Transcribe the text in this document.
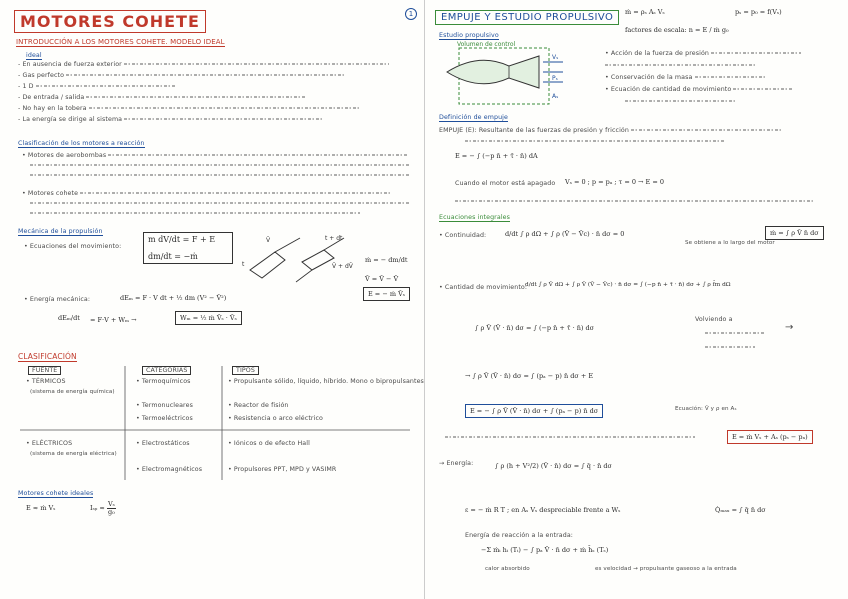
MOTORES COHETE	1
INTRODUCCIÓN A LOS MOTORES COHETE. MODELO IDEAL
ideal
- En ausencia de fuerza exterior
- Gas perfecto
- 1 D
- De entrada / salida
- No hay en la tobera
- La energía se dirige al sistema
Clasificación de los motores a reacción
• Motores de aerobombas
• Motores cohete
Mecánica de la propulsión
• Ecuaciones del movimiento:
m dV/dt = F + E
dm/dt = −ṁ
t
t + dt
V̄ + dV̄
V̄
ṁ = − dm/dt
V̄ = V̄ − V̄
E = − ṁ V̄ₛ
• Energía mecánica:	dEₘ = F · V dt + ½ dm (V² − V̄²)
dEₘ/dt = F·V + Wₘ →	Wₘ = ½ ṁ V̄ₛ · V̄ₛ
CLASIFICACIÓN
FUENTE	CATEGORÍAS	TIPOS
• TÉRMICOS
(sistema de energía química)
• Termoquímicos	• Propulsante sólido, líquido, híbrido. Mono o bipropulsantes
• Termonucleares	• Reactor de fisión
• Termoeléctricos	• Resistencia o arco eléctrico
• ELÉCTRICOS
(sistema de energía eléctrica)
• Electrostáticos	• Iónicos o de efecto Hall
• Electromagnéticos	• Propulsores PPT, MPD y VASIMR
Motores cohete ideales
E ≈ ṁ Vₛ	$I_{sp} \approx \frac{\text{Vₛ}}{\text{g₀}}$
EMPUJE Y ESTUDIO PROPULSIVO	ṁ = ρₛ Aₛ Vₛ	pₛ = p₀ = f(Vₛ)
factores de escala: n = E / ṁ g₀
Estudio propulsivo
Volumen de control
Vₛ
Pₛ
Aₛ
• Acción de la fuerza de presión
• Conservación de la masa
• Ecuación de cantidad de movimiento
Definición de empuje
EMPUJE (E): Resultante de las fuerzas de presión y fricción
E = − ∫ (−p n̄ + τ̄ · n̄) dA
Cuando el motor está apagado Vₛ = 0 ; p = pₐ ; τ = 0 → E = 0
Ecuaciones integrales
• Continuidad:	d/dt ∫ ρ dΩ + ∫ ρ (V̄ − V̄c) · n̄ dσ = 0
Se obtiene a lo largo del motor
ṁ = ∫ ρ V̄ n̄ dσ
• Cantidad de movimiento:
d/dt ∫ ρ V̄ dΩ + ∫ ρ V̄ (V̄ − V̄c) · n̄ dσ = ∫ (−p n̄ + τ̄ · n̄) dσ + ∫ ρ f̄m dΩ
∫ ρ V̄ (V̄ · n̄) dσ = ∫ (−p n̄ + τ̄ · n̄) dσ
Volviendo a
→
→ ∫ ρ V̄ (V̄ · n̄) dσ = ∫ (pₐ − p) n̄ dσ + E
E = − ∫ ρ V̄ (V̄ · n̄) dσ + ∫ (pₐ − p) n̄ dσ	Ecuación: V̄ y ρ en Aₛ
E = ṁ Vₛ + Aₛ (pₛ − pₐ)
→ Energía:	∫ ρ (h + V²/2) (V̄ · n̄) dσ = ∫ q̄ · n̄ dσ
ε = − ṁ R T ; en Aₛ Vₛ despreciable frente a Wₛ	Q̇ₘₐₓ = ∫ q̄ n̄ dσ
Energía de reacción a la entrada:
−Σ ṁᵢ hᵢ (Tᵢ) − ∫ pₐ V̄ · n̄ dσ + ṁ h̄ₛ (Tₛ)
calor absorbido	es velocidad → propulsante gaseoso a la entrada
